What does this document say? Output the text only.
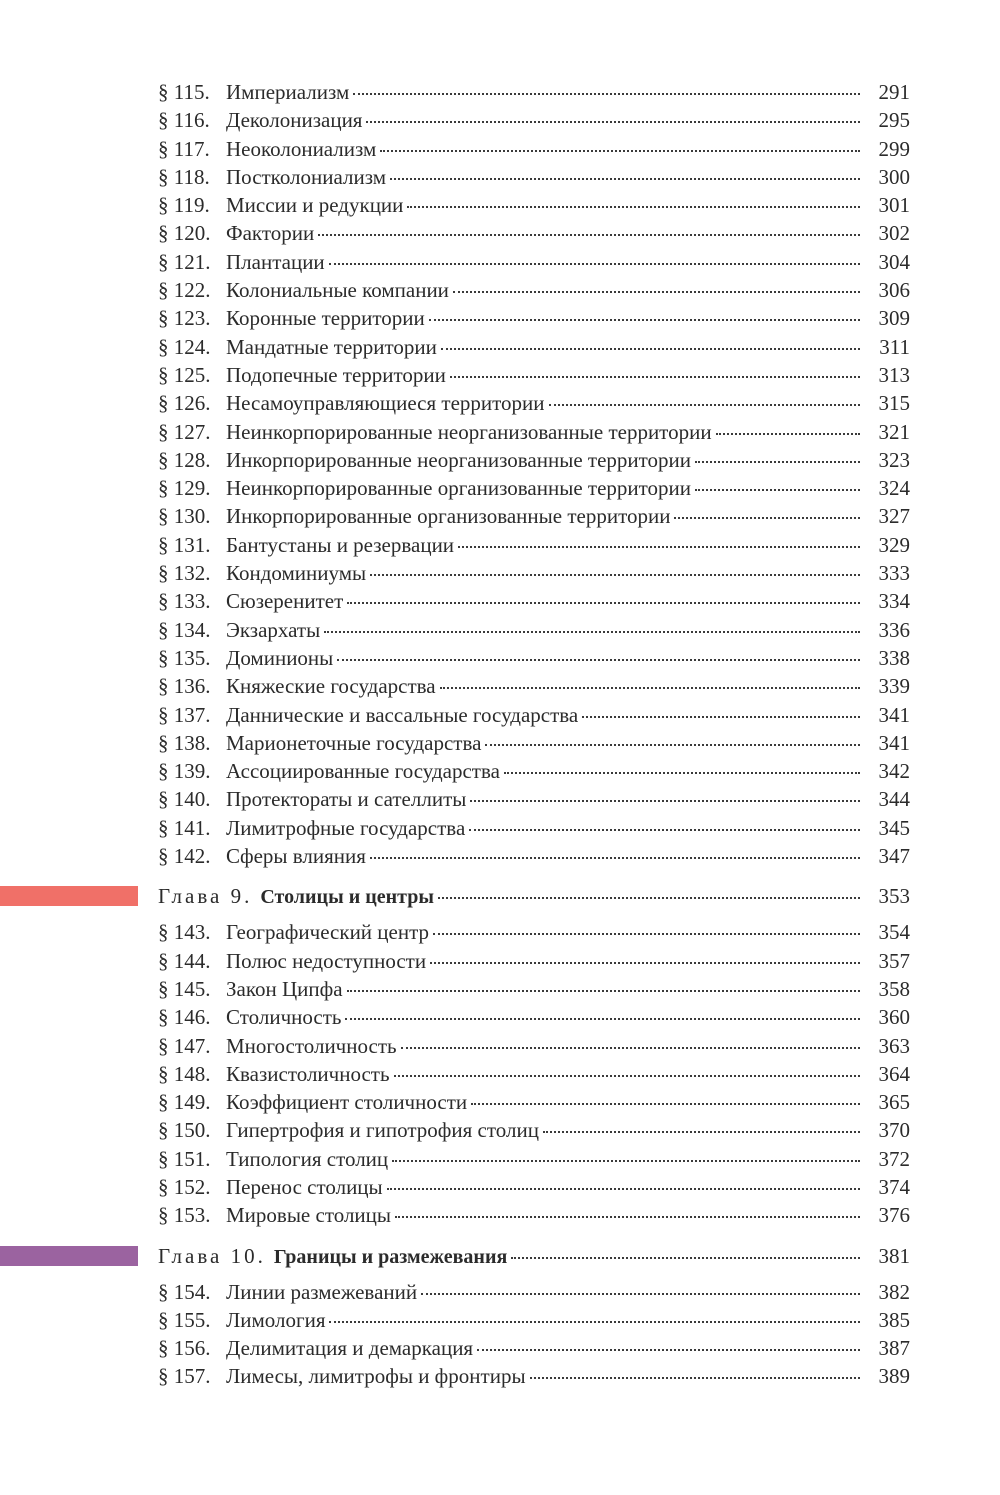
§ 115. Империализм	291
§ 116. Деколонизация	295
§ 117. Неоколониализм	299
§ 118. Постколониализм	300
§ 119. Миссии и редукции	301
§ 120. Фактории	302
§ 121. Плантации	304
§ 122. Колониальные компании	306
§ 123. Коронные территории	309
§ 124. Мандатные территории	311
§ 125. Подопечные территории	313
§ 126. Несамоуправляющиеся территории	315
§ 127. Неинкорпорированные неорганизованные территории	321
§ 128. Инкорпорированные неорганизованные территории	323
§ 129. Неинкорпорированные организованные территории	324
§ 130. Инкорпорированные организованные территории	327
§ 131. Бантустаны и резервации	329
§ 132. Кондоминиумы	333
§ 133. Сюзеренитет	334
§ 134. Экзархаты	336
§ 135. Доминионы	338
§ 136. Княжеские государства	339
§ 137. Даннические и вассальные государства	341
§ 138. Марионеточные государства	341
§ 139. Ассоциированные государства	342
§ 140. Протектораты и сателлиты	344
§ 141. Лимитрофные государства	345
§ 142. Сферы влияния	347
Глава 9. Столицы и центры	353
§ 143. Географический центр	354
§ 144. Полюс недоступности	357
§ 145. Закон Ципфа	358
§ 146. Столичность	360
§ 147. Многостоличность	363
§ 148. Квазистоличность	364
§ 149. Коэффициент столичности	365
§ 150. Гипертрофия и гипотрофия столиц	370
§ 151. Типология столиц	372
§ 152. Перенос столицы	374
§ 153. Мировые столицы	376
Глава 10. Границы и размежевания	381
§ 154. Линии размежеваний	382
§ 155. Лимология	385
§ 156. Делимитация и демаркация	387
§ 157. Лимесы, лимитрофы и фронтиры	389
